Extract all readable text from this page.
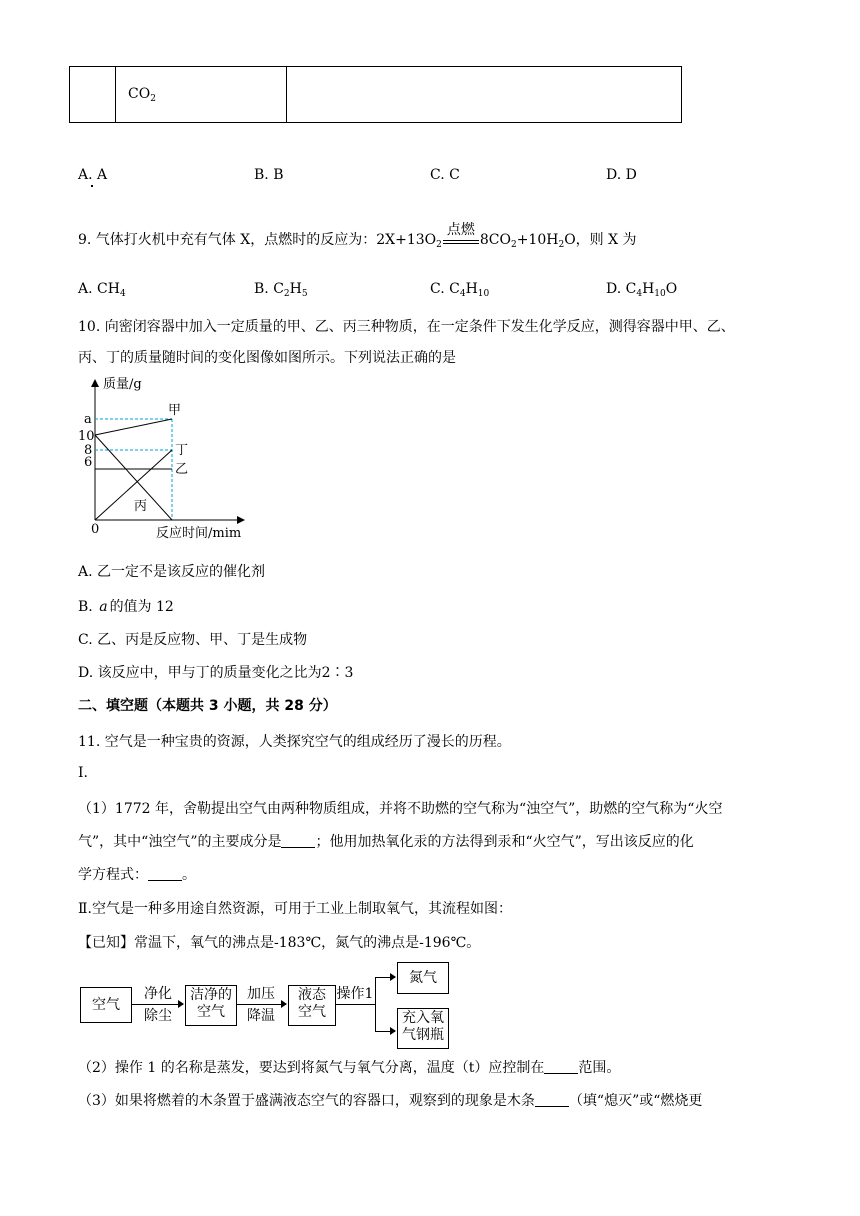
	$CO_2$	
A. A	B. B	C. C	D. D
9. 气体打火机中充有气体 X，点燃时的反应为：$2X+13O_2$
点燃
$8CO_2+10H_2O$，则 X 为
A. $CH_4$	B. $C_2H_5$	C. $C_4H_{10}$	D. $C_4H_{10}O$
10. 向密闭容器中加入一定质量的甲、乙、丙三种物质，在一定条件下发生化学反应，测得容器中甲、乙、
丙、丁的质量随时间的变化图像如图所示。下列说法正确的是
a
10
8
6
0
质量/g
反应时间/mim
甲
丁
乙
丙
A. 乙一定不是该反应的催化剂
B. a 的值为 12
C. 乙、丙是反应物、甲、丁是生成物
D. 该反应中，甲与丁的质量变化之比为2∶3
二、填空题（本题共 3 小题，共 28 分）
11. 空气是一种宝贵的资源，人类探究空气的组成经历了漫长的历程。
Ⅰ.
（1）1772 年，舍勒提出空气由两种物质组成，并将不助燃的空气称为“浊空气”，助燃的空气称为“火空
气”，其中“浊空气”的主要成分是 ；他用加热氧化汞的方法得到汞和“火空气”，写出该反应的化
学方程式： 。
Ⅱ.空气是一种多用途自然资源，可用于工业上制取氧气，其流程如图：
【已知】常温下，氧气的沸点是-183℃，氮气的沸点是-196℃。
空气
净化
除尘
洁净的
空气
加压
降温
液态
空气
操作1
氮气
充入氧
气钢瓶
（2）操作 1 的名称是蒸发，要达到将氮气与氧气分离，温度（t）应控制在 范围。
（3）如果将燃着的木条置于盛满液态空气的容器口，观察到的现象是木条 （填“熄灭”或“燃烧更
